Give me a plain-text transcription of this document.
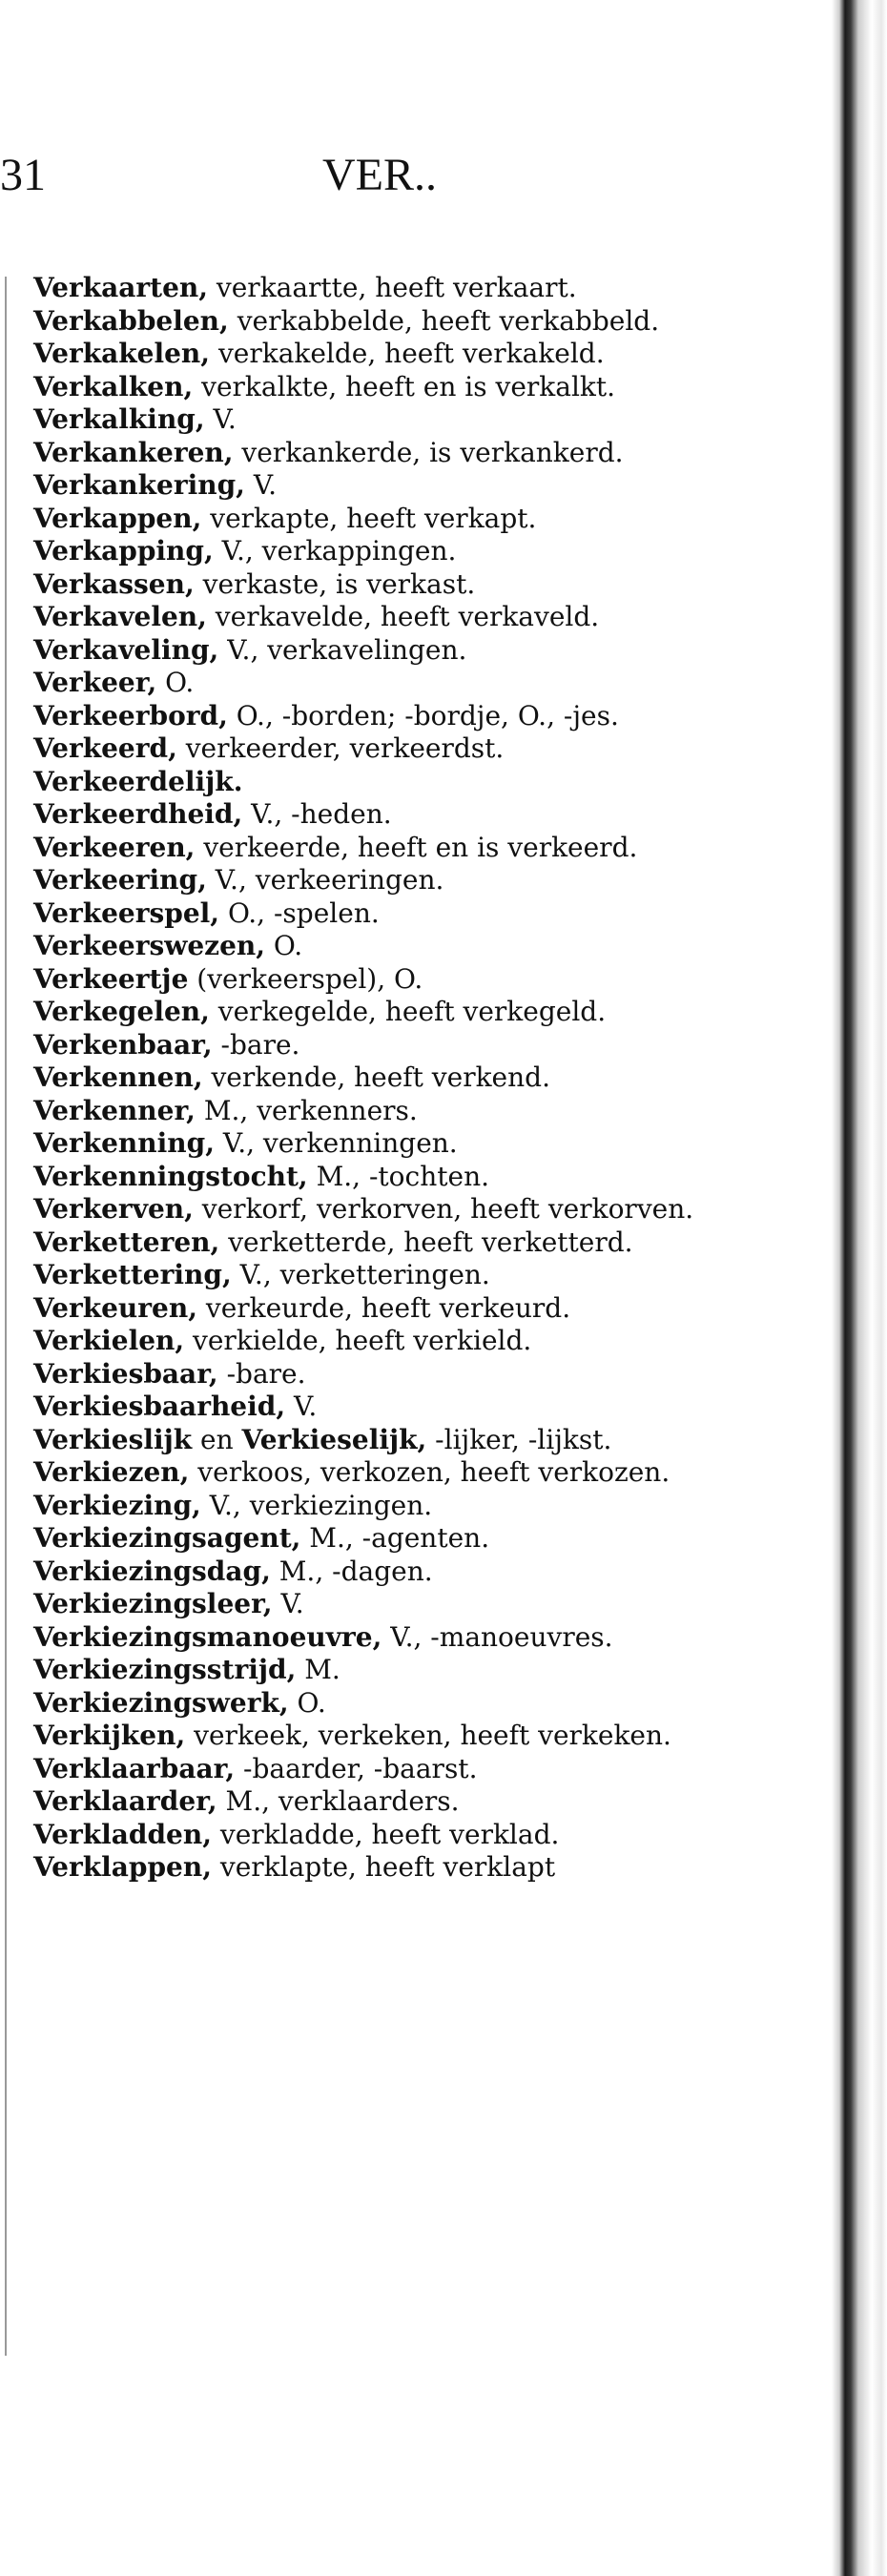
31	VER..
Verkaarten, verkaartte, heeft verkaart.
Verkabbelen, verkabbelde, heeft verkabbeld.
Verkakelen, verkakelde, heeft verkakeld.
Verkalken, verkalkte, heeft en is verkalkt.
Verkalking, V.
Verkankeren, verkankerde, is verkankerd.
Verkankering, V.
Verkappen, verkapte, heeft verkapt.
Verkapping, V., verkappingen.
Verkassen, verkaste, is verkast.
Verkavelen, verkavelde, heeft verkaveld.
Verkaveling, V., verkavelingen.
Verkeer, O.
Verkeerbord, O., -borden; -bordje, O., -jes.
Verkeerd, verkeerder, verkeerdst.
Verkeerdelijk.
Verkeerdheid, V., -heden.
Verkeeren, verkeerde, heeft en is verkeerd.
Verkeering, V., verkeeringen.
Verkeerspel, O., -spelen.
Verkeerswezen, O.
Verkeertje (verkeerspel), O.
Verkegelen, verkegelde, heeft verkegeld.
Verkenbaar, -bare.
Verkennen, verkende, heeft verkend.
Verkenner, M., verkenners.
Verkenning, V., verkenningen.
Verkenningstocht, M., -tochten.
Verkerven, verkorf, verkorven, heeft verkorven.
Verketteren, verketterde, heeft verketterd.
Verkettering, V., verketteringen.
Verkeuren, verkeurde, heeft verkeurd.
Verkielen, verkielde, heeft verkield.
Verkiesbaar, -bare.
Verkiesbaarheid, V.
Verkieslijk en Verkieselijk, -lijker, -lijkst.
Verkiezen, verkoos, verkozen, heeft verkozen.
Verkiezing, V., verkiezingen.
Verkiezingsagent, M., -agenten.
Verkiezingsdag, M., -dagen.
Verkiezingsleer, V.
Verkiezingsmanoeuvre, V., -manoeuvres.
Verkiezingsstrijd, M.
Verkiezingswerk, O.
Verkijken, verkeek, verkeken, heeft verkeken.
Verklaarbaar, -baarder, -baarst.
Verklaarder, M., verklaarders.
Verkladden, verkladde, heeft verklad.
Verklappen, verklapte, heeft verklapt
